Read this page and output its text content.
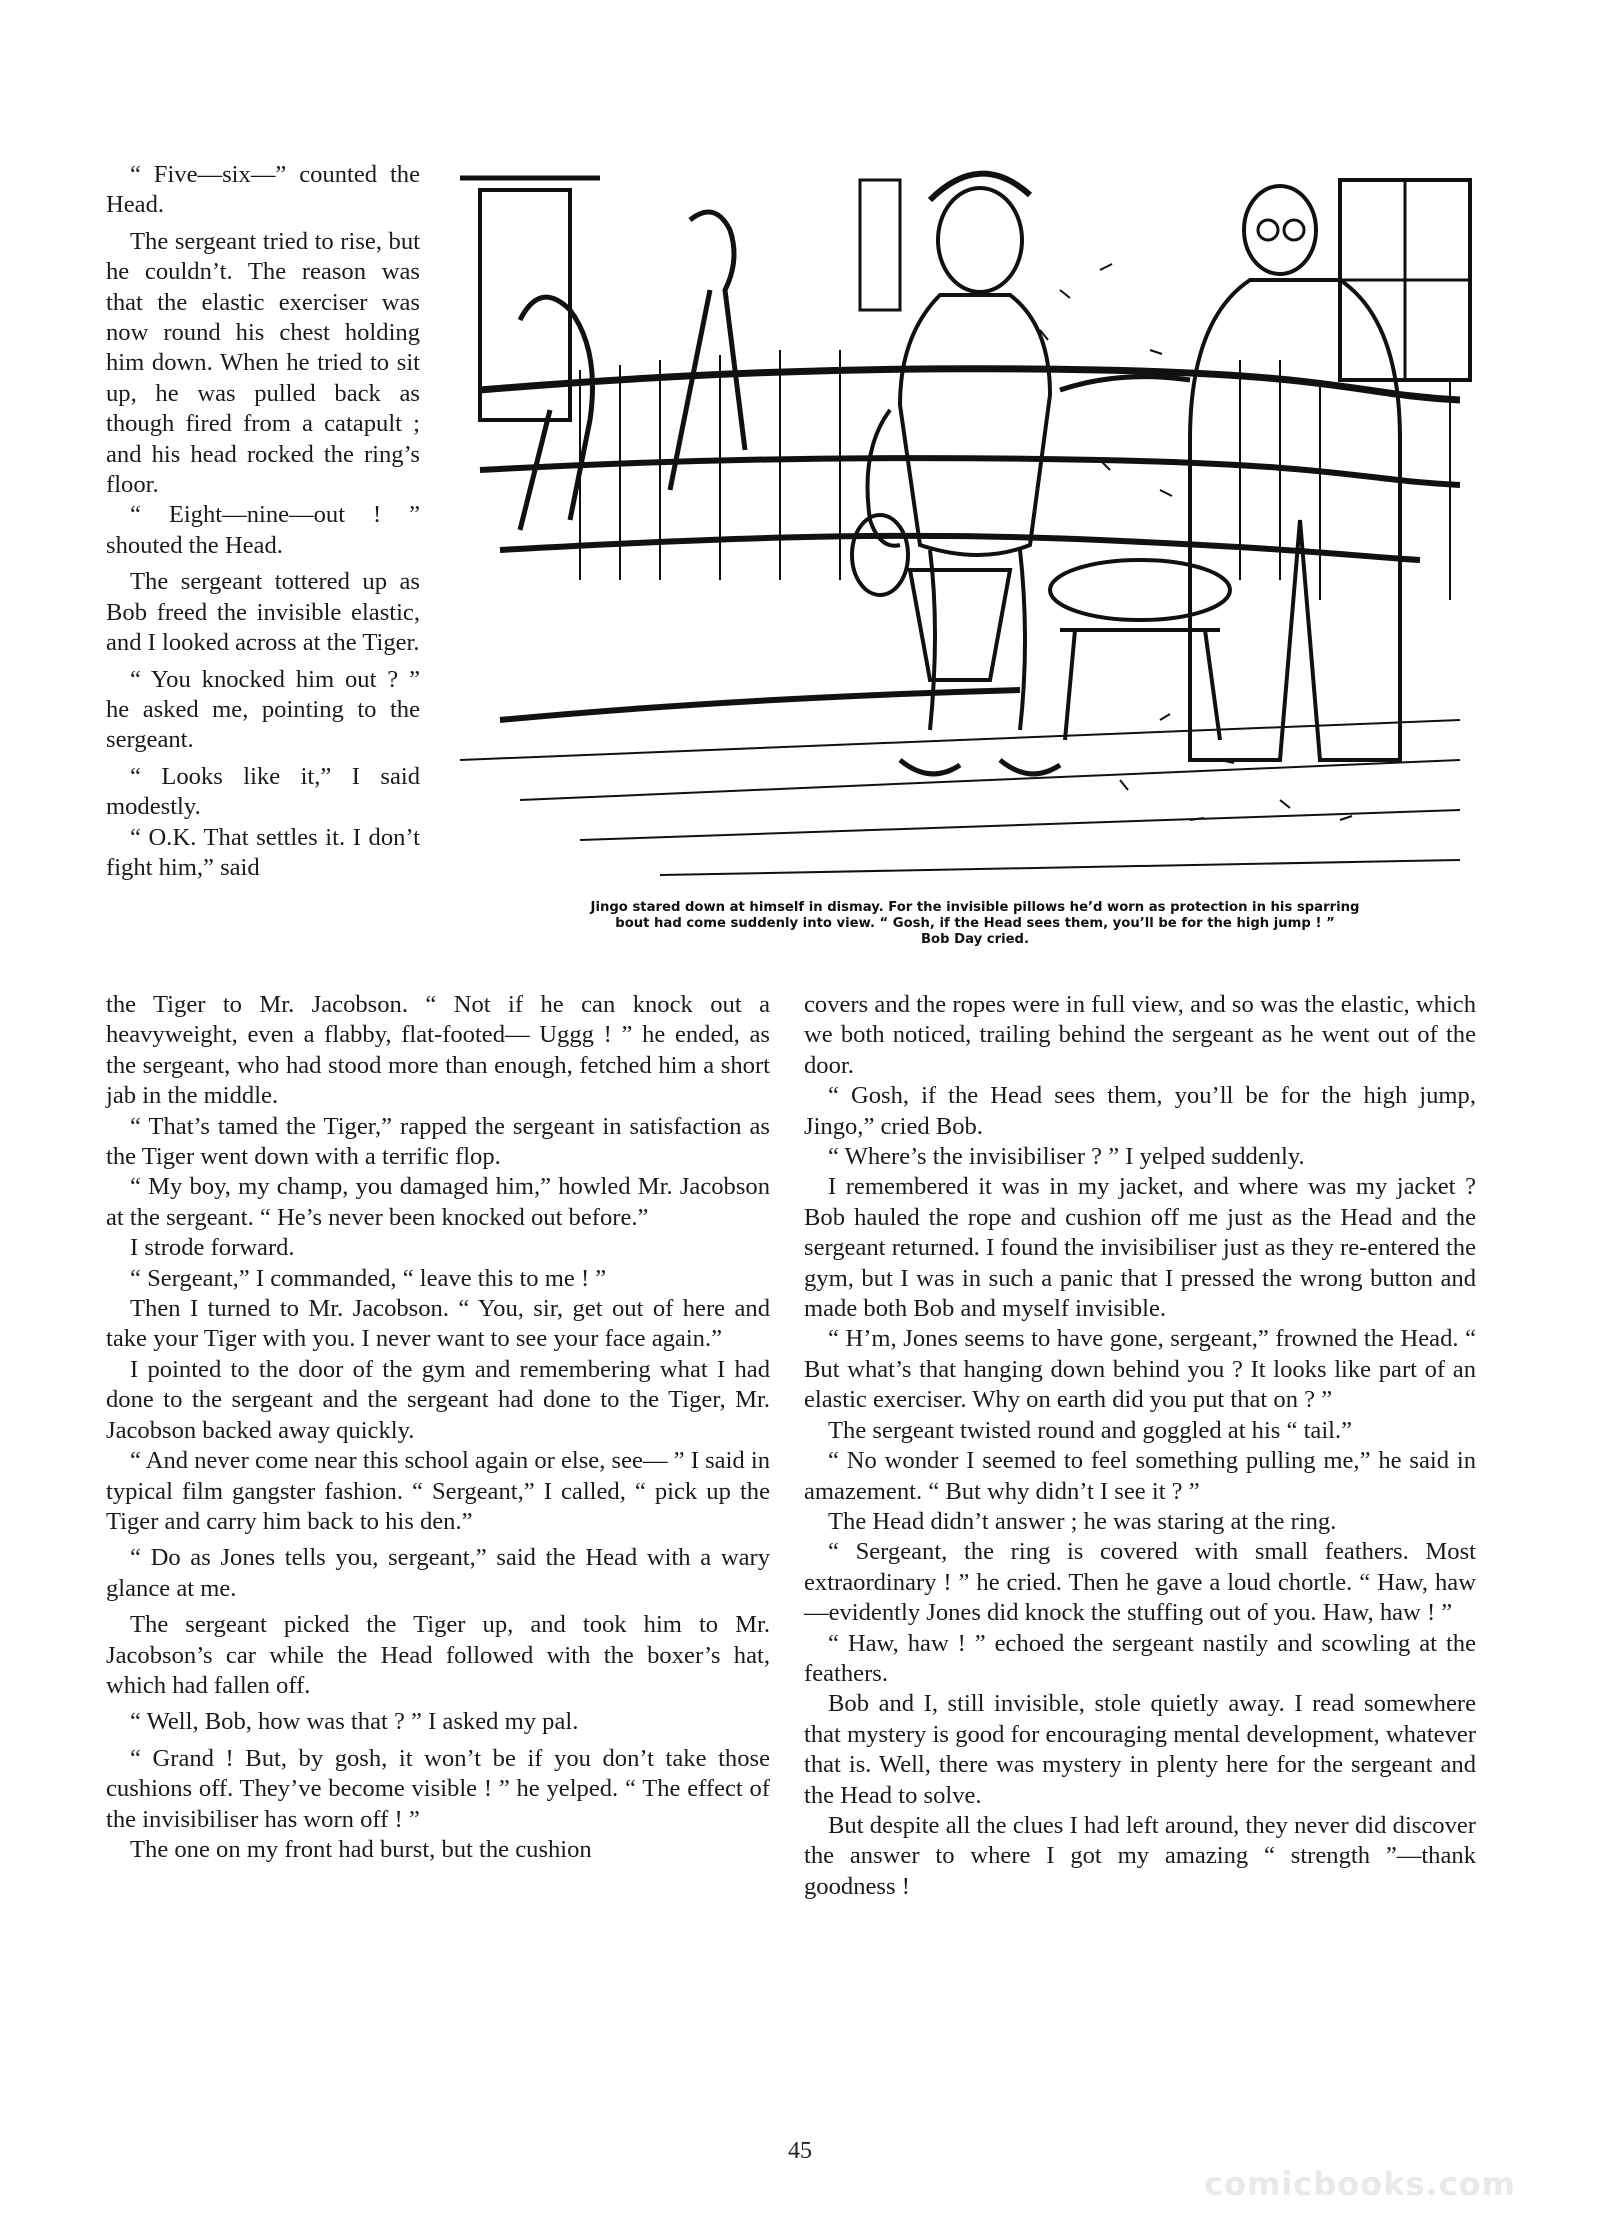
“ Five—six—” counted the Head.

The sergeant tried to rise, but he couldn’t. The reason was that the elastic exerciser was now round his chest holding him down. When he tried to sit up, he was pulled back as though fired from a catapult ; and his head rocked the ring’s floor.

“ Eight—nine—out ! ” shouted the Head.

The sergeant tottered up as Bob freed the invisible elastic, and I looked across at the Tiger.

“ You knocked him out ? ” he asked me, pointing to the sergeant.

“ Looks like it,” I said modestly.

“ O.K. That settles it. I don’t fight him,” said

Jingo stared down at himself in dismay. For the invisible pillows he’d worn as protection in his sparring
bout had come suddenly into view. “ Gosh, if the Head sees them, you’ll be for the high jump ! ”
Bob Day cried.

the Tiger to Mr. Jacobson. “ Not if he can knock out a heavyweight, even a flabby, flat-footed— Uggg ! ” he ended, as the sergeant, who had stood more than enough, fetched him a short jab in the middle.

“ That’s tamed the Tiger,” rapped the sergeant in satisfaction as the Tiger went down with a terrific flop.

“ My boy, my champ, you damaged him,” howled Mr. Jacobson at the sergeant. “ He’s never been knocked out before.”

I strode forward.

“ Sergeant,” I commanded, “ leave this to me ! ”

Then I turned to Mr. Jacobson. “ You, sir, get out of here and take your Tiger with you. I never want to see your face again.”

I pointed to the door of the gym and remembering what I had done to the sergeant and the sergeant had done to the Tiger, Mr. Jacobson backed away quickly.

“ And never come near this school again or else, see— ” I said in typical film gangster fashion. “ Sergeant,” I called, “ pick up the Tiger and carry him back to his den.”

“ Do as Jones tells you, sergeant,” said the Head with a wary glance at me.

The sergeant picked the Tiger up, and took him to Mr. Jacobson’s car while the Head followed with the boxer’s hat, which had fallen off.

“ Well, Bob, how was that ? ” I asked my pal.

“ Grand ! But, by gosh, it won’t be if you don’t take those cushions off. They’ve become visible ! ” he yelped. “ The effect of the invisibiliser has worn off ! ”

The one on my front had burst, but the cushion

covers and the ropes were in full view, and so was the elastic, which we both noticed, trailing behind the sergeant as he went out of the door.

“ Gosh, if the Head sees them, you’ll be for the high jump, Jingo,” cried Bob.

“ Where’s the invisibiliser ? ” I yelped suddenly.

I remembered it was in my jacket, and where was my jacket ? Bob hauled the rope and cushion off me just as the Head and the sergeant returned. I found the invisibiliser just as they re-entered the gym, but I was in such a panic that I pressed the wrong button and made both Bob and myself invisible.

“ H’m, Jones seems to have gone, sergeant,” frowned the Head. “ But what’s that hanging down behind you ? It looks like part of an elastic exerciser. Why on earth did you put that on ? ”

The sergeant twisted round and goggled at his “ tail.”

“ No wonder I seemed to feel something pulling me,” he said in amazement. “ But why didn’t I see it ? ”

The Head didn’t answer ; he was staring at the ring.

“ Sergeant, the ring is covered with small feathers. Most extraordinary ! ” he cried. Then he gave a loud chortle. “ Haw, haw—evidently Jones did knock the stuffing out of you. Haw, haw ! ”

“ Haw, haw ! ” echoed the sergeant nastily and scowling at the feathers.

Bob and I, still invisible, stole quietly away. I read somewhere that mystery is good for encouraging mental development, whatever that is. Well, there was mystery in plenty here for the sergeant and the Head to solve.

But despite all the clues I had left around, they never did discover the answer to where I got my amazing “ strength ”—thank goodness !

45
comicbooks.com
